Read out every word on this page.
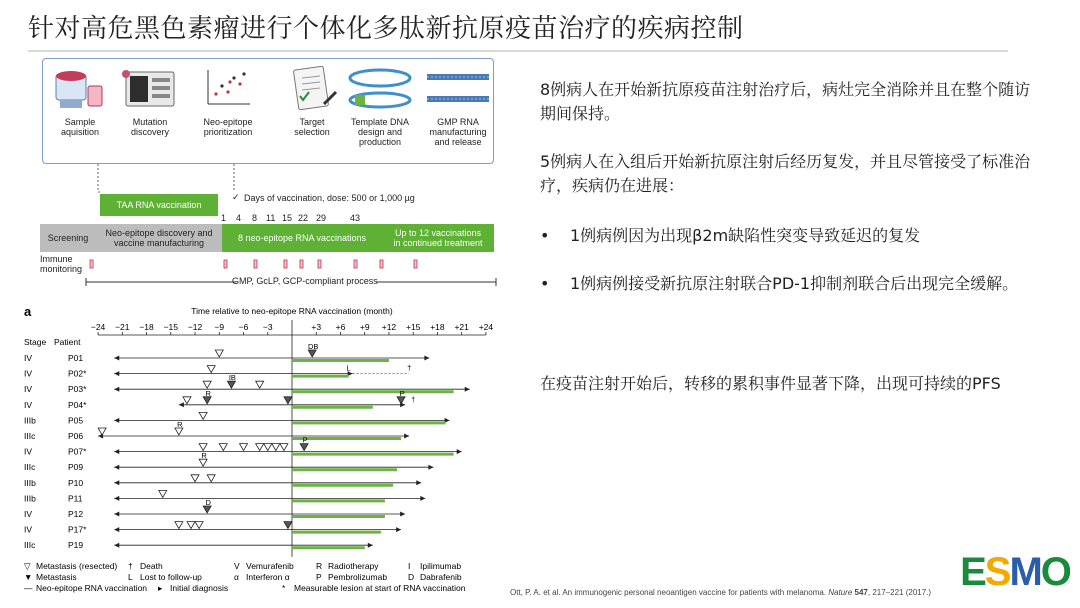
针对高危黑色素瘤进行个体化多肽新抗原疫苗治疗的疾病控制
Sample
aquisition
Mutation
discovery
Neo-epitope
prioritization
Target
selection
Template DNA
design and
production
GMP RNA
manufacturing
and release
TAA RNA vaccination
✓ Days of vaccination, dose: 500 or 1,000 µg
1 4 8 11 15 22 29	43
Screening	Neo-epitope discovery and
vaccine manufacturing	8 neo-epitope RNA vaccinations	Up to 12 vaccinations
in continued treatment
Immune
monitoring
GMP, GcLP, GCP-compliant process
a	Time relative to neo-epitope RNA vaccination (month)
−24 −21 −18 −15 −12 −9 −6 −3	+3 +6 +9 +12 +15 +18 +21 +24
Stage Patient
IV	P01
DB
IV	P02*
L	†
IV	P03*
IB
IV	P04*
R	P
†
IIIb	P05
IIIc	P06
R
IV	P07*
P
IIIc	P09
R
IIIb	P10
IIIb	P11
IV	P12
D
IV	P17*
IIIc	P19
▽ Metastasis (resected) † Death	V Vemurafenib	R Radiotherapy	I Ipilimumab
▼ Metastasis	L Lost to follow-up	α Interferon α	P Pembrolizumab D Dabrafenib
— Neo-epitope RNA vaccination ▸ Initial diagnosis	* Measurable lesion at start of RNA vaccination
8例病人在开始新抗原疫苗注射治疗后，病灶完全消除并且在整个随访期间保持。
5例病人在入组后开始新抗原注射后经历复发，并且尽管接受了标准治疗，疾病仍在进展：
• 1例病例因为出现β2m缺陷性突变导致延迟的复发
• 1例病例接受新抗原注射联合PD-1抑制剂联合后出现完全缓解。
在疫苗注射开始后，转移的累积事件显著下降，出现可持续的PFS
Ott, P. A. et al. An immunogenic personal neoantigen vaccine for patients with melanoma. Nature 547, 217–221 (2017.) ESMO
